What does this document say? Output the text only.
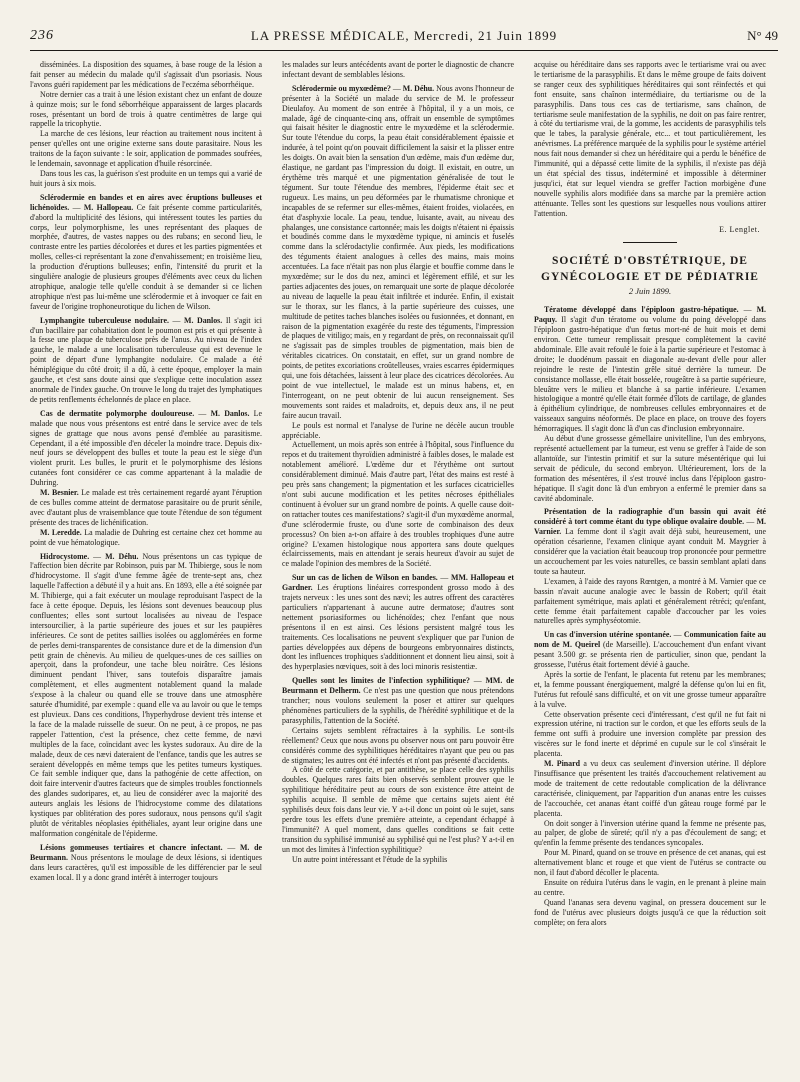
236	LA PRESSE MÉDICALE, Mercredi, 21 Juin 1899	N° 49

disséminées. La disposition des squames, à base rouge de la lésion a fait penser au médecin du malade qu'il s'agissait d'un psoriasis. Nous l'avons guéri rapidement par les médications de l'eczéma séborrhéique.

Notre dernier cas a trait à une lésion existant chez un enfant de douze à quinze mois; sur le fond séborrhéique apparaissent de larges placards roses, présentant un bord de trois à quatre centimètres de large qui rappelle la tricophytie.

La marche de ces lésions, leur réaction au traitement nous incitent à penser qu'elles ont une origine externe sans doute parasitaire. Nous les traitons de la façon suivante : le soir, application de pommades soufrées, le lendemain, savonnage et application d'huile résorcinée.

Dans tous les cas, la guérison s'est produite en un temps qui a varié de huit jours à six mois.

Sclérodermie en bandes et en aires avec éruptions bulleuses et lichénoïdes. — M. Hallopeau. Ce fait présente comme particularités, d'abord la multiplicité des lésions, qui intéressent toutes les parties du corps, leur polymorphisme, les unes représentant des plaques de morphée, d'autres, de vastes nappes ou des rubans; en second lieu, le contraste entre les parties décolorées et dures et les parties pigmentées et molles, celles-ci représentant la zone d'envahissement; en troisième lieu, la production d'éruptions bulleuses; enfin, l'intensité du prurit et la singulière analogie de plusieurs groupes d'éléments avec ceux du lichen atrophique, analogie telle qu'elle conduit à se demander si ce lichen atrophique n'est pas lui-même une sclérodermie et à invoquer ce fait en faveur de l'origine trophoneurotique du lichen de Wilson.

Lymphangite tuberculeuse nodulaire. — M. Danlos. Il s'agit ici d'un bacillaire par cohabitation dont le poumon est pris et qui présente à la fesse une plaque de tuberculose près de l'anus. Au niveau de l'index gauche, le malade a une localisation tuberculeuse qui est devenue le point de départ d'une lymphangite nodulaire. Ce malade a été hémiplégique du côté droit; il a dû, à cette époque, employer la main gauche, et c'est sans doute ainsi que s'explique cette inoculation assez anormale de l'index gauche. On trouve le long du trajet des lymphatiques de petits renflements échelonnés de place en place.

Cas de dermatite polymorphe douloureuse. — M. Danlos. Le malade que nous vous présentons est entré dans le service avec de tels signes de grattage que nous avons pensé d'emblée au parasitisme. Cependant, il a été impossible d'en déceler la moindre trace. Depuis dix-neuf jours se développent des bulles et toute la peau est le siège d'un violent prurit. Les bulles, le prurit et le polymorphisme des lésions cutanées font considérer ce cas comme appartenant à la maladie de Duhring.

M. Besnier. Le malade est très certainement regardé ayant l'éruption de ces bulles comme atteint de dermatose parasitaire ou de prurit sénile, avec d'autant plus de vraisemblance que toute l'étendue de son tégument présente des traces de lichénification.

M. Leredde. La maladie de Duhring est certaine chez cet homme au point de vue hématologique.

Hidrocystome. — M. Déhu. Nous présentons un cas typique de l'affection bien décrite par Robinson, puis par M. Thibierge, sous le nom d'hidrocystome. Il s'agit d'une femme âgée de trente-sept ans, chez laquelle l'affection a débuté il y a huit ans. En 1893, elle a été soignée par M. Thibierge, qui a fait exécuter un moulage reproduisant l'aspect de la face à cette époque. Depuis, les lésions sont devenues beaucoup plus confluentes; elles sont surtout localisées au niveau de l'espace intersourcilier, à la partie supérieure des joues et sur les paupières inférieures. Ce sont de petites saillies isolées ou agglomérées en forme de perles demi-transparentes de consistance dure et de la dimension d'un petit grain de chènevis. Au milieu de quelques-unes de ces saillies on aperçoit, dans la profondeur, une tache bleu noirâtre. Ces lésions diminuent pendant l'hiver, sans toutefois disparaître jamais complètement, et elles augmentent notablement quand la malade s'expose à la chaleur ou quand elle se trouve dans une atmosphère saturée d'humidité, par exemple : quand elle va au lavoir ou que le temps est pluvieux. Dans ces conditions, l'hyperhydrose devient très intense et la face de la malade ruisselle de sueur. On ne peut, à ce propos, ne pas rappeler l'attention, c'est la présence, chez cette femme, de nævi multiples de la face, coïncidant avec les kystes sudoraux. Au dire de la malade, deux de ces nævi dateraient de l'enfance, tandis que les autres se seraient développés en même temps que les petites tumeurs kystiques. Ce fait semble indiquer que, dans la pathogénie de cette affection, on doit faire intervenir d'autres facteurs que de simples troubles fonctionnels des glandes sudoripares, et, au lieu de considérer avec la majorité des auteurs anglais les lésions de l'hidrocystome comme des dilatations kystiques par oblitération des pores sudoraux, nous pensons qu'il s'agit plutôt de véritables néoplasies épithéliales, ayant leur origine dans une malformation congénitale de l'épiderme.

Lésions gommeuses tertiaires et chancre infectant. — M. de Beurmann. Nous présentons le moulage de deux lésions, si identiques dans leurs caractères, qu'il est impossible de les différencier par le seul examen local. Il y a donc grand intérêt à interroger toujours

les malades sur leurs antécédents avant de porter le diagnostic de chancre infectant devant de semblables lésions.

Sclérodermie ou myxœdème? — M. Déhu. Nous avons l'honneur de présenter à la Société un malade du service de M. le professeur Dieulafoy. Au moment de son entrée à l'hôpital, il y a un mois, ce malade, âgé de cinquante-cinq ans, offrait un ensemble de symptômes qui faisait hésiter le diagnostic entre le myxœdème et la sclérodermie. Sur toute l'étendue du corps, la peau était considérablement épaissie et indurée, à tel point qu'on pouvait difficilement la saisir et la plisser entre les doigts. On avait bien la sensation d'un œdème, mais d'un œdème dur, élastique, ne gardant pas l'impression du doigt. Il existait, en outre, un érythème très marqué et une pigmentation généralisée de tout le tégument. Sur toute l'étendue des membres, l'épiderme était sec et rugueux. Les mains, un peu déformées par le rhumatisme chronique et incapables de se refermer sur elles-mêmes, étaient froides, violacées, en état d'asphyxie locale. La peau, tendue, luisante, avait, au niveau des phalanges, une consistance cartonnée; mais les doigts n'étaient ni épaissis et boudinés comme dans le myxœdème typique, ni amincis et fuselés comme dans la sclérodactylie confirmée. Aux pieds, les modifications des téguments étaient analogues à celles des mains, mais moins accentuées. La face n'était pas non plus élargie et bouffie comme dans le myxœdème; sur le dos du nez, aminci et légèrement effilé, et sur les parties adjacentes des joues, on remarquait une sorte de plaque décolorée au niveau de laquelle la peau était infiltrée et indurée. Enfin, il existait sur le thorax, sur les flancs, à la partie supérieure des cuisses, une multitude de petites taches blanches isolées ou fusionnées, et donnant, en raison de la pigmentation exagérée du reste des téguments, l'impression de plaques de vitiligo; mais, en y regardant de près, on reconnaissait qu'il ne s'agissait pas de simples troubles de pigmentation, mais bien de véritables cicatrices. On constatait, en effet, sur un grand nombre de points, de petites excoriations croûtelleuses, vraies escarres épidermiques qui, une fois détachées, laissent à leur place des cicatrices décolorées. Au point de vue intellectuel, le malade est un minus habens, et, en l'interrogeant, on ne peut obtenir de lui aucun renseignement. Ses mouvements sont raides et maladroits, et, depuis deux ans, il ne peut faire aucun travail.

Le pouls est normal et l'analyse de l'urine ne décèle aucun trouble appréciable.

Actuellement, un mois après son entrée à l'hôpital, sous l'influence du repos et du traitement thyroïdien administré à faibles doses, le malade est notablement amélioré. L'œdème dur et l'érythème ont surtout considérablement diminué. Mais d'autre part, l'état des mains est resté à peu près sans changement; la pigmentation et les surfaces cicatricielles n'ont subi aucune modification et les petites nécroses épithéliales continuent à évoluer sur un grand nombre de points. A quelle cause doit-on rattacher toutes ces manifestations? s'agit-il d'un myxœdème anormal, d'une sclérodermie fruste, ou d'une sorte de combinaison des deux processus? On bien a-t-on affaire à des troubles trophiques d'une autre origine? L'examen histologique nous apportera sans doute quelques éclaircissements, mais en attendant je serais heureux d'avoir au sujet de ce malade l'opinion des membres de la Société.

Sur un cas de lichen de Wilson en bandes. — MM. Hallopeau et Gardner. Les éruptions linéaires correspondent grosso modo à des trajets nerveux : les unes sont des nævi; les autres offrent des caractères particuliers n'appartenant à aucune autre dermatose; d'autres sont nettement psoriasiformes ou lichénoïdes; chez l'enfant que nous présentons il en est ainsi. Ces lésions persistent malgré tous les traitements. Ces localisations ne peuvent s'expliquer que par l'union de parties développées aux dépens de bourgeons embryonnaires distincts, dont les influences trophiques s'additionnent et donnent lieu ainsi, soit à des hyperplasies nœviques, soit à des loci minoris resistentiæ.

Quelles sont les limites de l'infection syphilitique? — MM. de Beurmann et Delherm. Ce n'est pas une question que nous prétendons trancher; nous voulons seulement la poser et attirer sur quelques phénomènes particuliers de la syphilis, de l'hérédité syphilitique et de la parasyphilis, l'attention de la Société.

Certains sujets semblent réfractaires à la syphilis. Le sont-ils réellement? Ceux que nous avons pu observer nous ont paru pouvoir être considérés comme des syphilitiques héréditaires n'ayant que peu ou pas de stigmates; les autres ont été infectés et n'ont pas présenté d'accidents.

A côté de cette catégorie, et par antithèse, se place celle des syphilis doubles. Quelques rares faits bien observés semblent prouver que le syphilitique héréditaire peut au cours de son existence être atteint de syphilis acquise. Il semble de même que certains sujets aient été syphilisés deux fois dans leur vie. Y a-t-il donc un point où le sujet, sans perdre tous les effets d'une première atteinte, a cependant échappé à l'immunité? A quel moment, dans quelles conditions se fait cette transition du syphilisé immunisé au syphilisé qui ne l'est plus? Y a-t-il en un mot des limites à l'infection syphilitique?

Un autre point intéressant et l'étude de la syphilis

acquise ou héréditaire dans ses rapports avec le tertiarisme vrai ou avec le tertiarisme de la parasyphilis. Et dans le même groupe de faits doivent se ranger ceux des syphilitiques héréditaires qui sont réinfectés et qui font ensuite, sans chaînon intermédiaire, du tertiarisme ou de la parasyphilis. Dans tous ces cas de tertiarisme, sans chaînon, de tertiarisme seule manifestation de la syphilis, ne doit on pas faire rentrer, à côté du tertiarisme vrai, de la gomme, les accidents de parasyphilis tels que le tabes, la paralysie générale, etc... et tout particulièrement, les anévrismes. La préférence marquée de la syphilis pour le système artériel nous fait nous demander si chez un héréditaire qui a perdu le bénéfice de l'immunité, qui a dépassé cette limite de la syphilis, il n'existe pas déjà un état spécial des tissus, indéterminé et impossible à déterminer jusqu'ici, état sur lequel viendra se greffer l'action morbigène d'une nouvelle syphilis alors modifiée dans sa marche par la première action atténuante. Telles sont les questions sur lesquelles nous voulions attirer l'attention.

E. Lenglet.
SOCIÉTÉ D'OBSTÉTRIQUE, DE GYNÉCOLOGIE ET DE PÉDIATRIE
2 Juin 1899.

Tératome développé dans l'épiploon gastro-hépatique. — M. Paquy. Il s'agit d'un tératome ou volume du poing développé dans l'épiploon gastro-hépatique d'un fœtus mort-né de huit mois et demi environ. Cette tumeur remplissait presque complètement la cavité abdominale. Elle avait refoulé le foie à la partie supérieure et l'estomac à droite; le duodénum passait en diagonale au-devant d'elle pour aller rejoindre le reste de l'intestin grêle situé derrière la tumeur. De consistance mollasse, elle était bosselée, rougeâtre à sa partie supérieure, bleuâtre vers le milieu et blanche à sa partie inférieure. L'examen histologique a montré qu'elle était formée d'îlots de cartilage, de glandes à épithélium cylindrique, de nombreuses cellules embryonnaires et de vaisseaux sanguins néoformés. De place en place, on trouve des foyers hémorragiques. Il s'agit donc là d'un cas d'inclusion embryonnaire.

Au début d'une grossesse gémellaire univitelline, l'un des embryons, représenté actuellement par la tumeur, est venu se greffer à l'aide de son allantoïde, sur l'intestin primitif et sur la suture mésentérique qui lui servait de pédicule, du second embryon. Ultérieurement, lors de la formation des mésentères, il s'est trouvé inclus dans l'épiploon gastro-hépatique. Il s'agit donc là d'un embryon a enfermé le premier dans sa cavité abdominale.

Présentation de la radiographie d'un bassin qui avait été considéré à tort comme étant du type oblique ovalaire double. — M. Varnier. La femme dont il s'agit avait déjà subi, heureusement, une opération césarienne, l'examen clinique ayant conduit M. Maygrier à considérer que la vaciation était beaucoup trop prononcée pour permettre un accouchement par les voies naturelles, ce bassin semblant aplati dans toute sa hauteur.

L'examen, à l'aide des rayons Rœntgen, a montré à M. Varnier que ce bassin n'avait aucune analogie avec le bassin de Robert; qu'il était parfaitement symétrique, mais aplati et généralement rétréci; qu'enfant, cette femme était parfaitement capable d'accoucher par les voies naturelles après symphyséotomie.

Un cas d'inversion utérine spontanée. — Communication faite au nom de M. Queirel (de Marseille). L'accouchement d'un enfant vivant pesant 3.500 gr. se présenta rien de particulier, sinon que, pendant la grossesse, l'utérus était fortement dévié à gauche.

Après la sortie de l'enfant, le placenta fut retenu par les membranes; et, la femme poussant énergiquement, malgré la défense qu'on lui en fit, l'utérus fut refoulé sans difficulté, et on vit une grosse tumeur apparaître à la vulve.

Cette observation présente ceci d'intéressant, c'est qu'il ne fut fait ni expression utérine, ni traction sur le cordon, et que les efforts seuls de la femme ont suffi à produire une inversion complète par pression des viscères sur le fond inerte et déprimé en cupule sur le col s'insérait le placenta.

M. Pinard a vu deux cas seulement d'inversion utérine. Il déplore l'insuffisance que présentent les traités d'accouchement relativement au mode de traitement de cette redoutable complication de la délivrance caractérisée, cliniquement, par l'apparition d'un ananas entre les cuisses de l'accouchée, cet ananas étant coiffé d'un gâteau rouge formé par le placenta.

On doit songer à l'inversion utérine quand la femme ne présente pas, au palper, de globe de sûreté; qu'il n'y a pas d'écoulement de sang; et qu'enfin la femme présente des tendances syncopales.

Pour M. Pinard, quand on se trouve en présence de cet ananas, qui est alternativement blanc et rouge et que vient de l'utérus se contracte ou non, il faut d'abord décoller le placenta.

Ensuite on réduira l'utérus dans le vagin, en le prenant à pleine main au centre.

Quand l'ananas sera devenu vaginal, on pressera doucement sur le fond de l'utérus avec plusieurs doigts jusqu'à ce que la réduction soit complète; on fera alors
